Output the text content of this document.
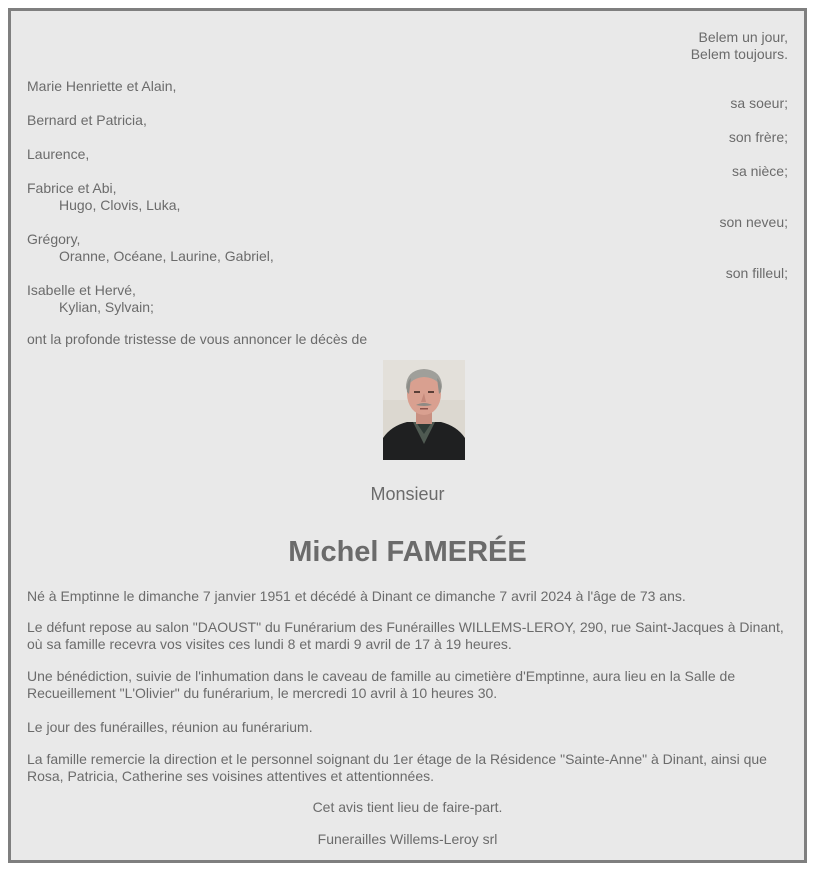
Belem un jour,
Belem toujours.
Marie Henriette et Alain,
sa soeur;
Bernard et Patricia,
son frère;
Laurence,
sa nièce;
Fabrice et Abi,
Hugo, Clovis, Luka,
son neveu;
Grégory,
Oranne, Océane, Laurine, Gabriel,
son filleul;
Isabelle et Hervé,
Kylian, Sylvain;
ont la profonde tristesse de vous annoncer le décès de
Monsieur
Michel FAMERÉE
Né à Emptinne le dimanche 7 janvier 1951 et décédé à Dinant ce dimanche 7 avril 2024 à l'âge de 73 ans.
Le défunt repose au salon "DAOUST" du Funérarium des Funérailles WILLEMS-LEROY, 290, rue Saint-Jacques à Dinant, où sa famille recevra vos visites ces lundi 8 et mardi 9 avril de 17 à 19 heures.
Une bénédiction, suivie de l'inhumation dans le caveau de famille au cimetière d'Emptinne, aura lieu en la Salle de Recueillement "L'Olivier" du funérarium, le mercredi 10 avril à 10 heures 30.
Le jour des funérailles, réunion au funérarium.
La famille remercie la direction et le personnel soignant du 1er étage de la Résidence "Sainte-Anne" à Dinant, ainsi que Rosa, Patricia, Catherine ses voisines attentives et attentionnées.
Cet avis tient lieu de faire-part.
Funerailles Willems-Leroy srl
